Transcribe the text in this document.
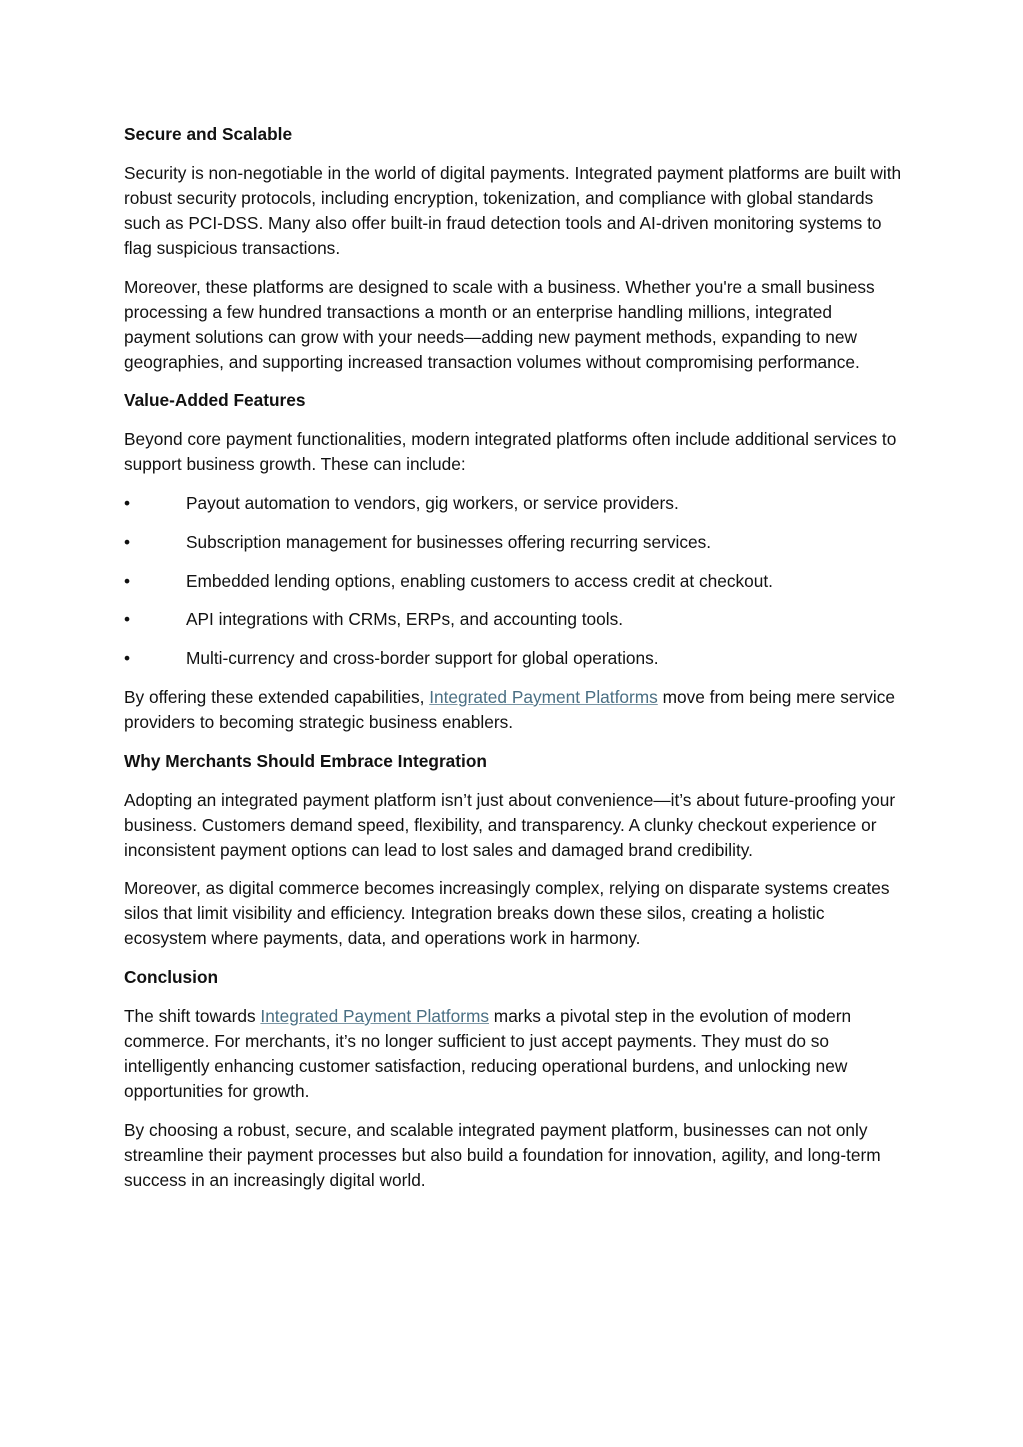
Secure and Scalable
Security is non-negotiable in the world of digital payments. Integrated payment platforms are built with robust security protocols, including encryption, tokenization, and compliance with global standards such as PCI-DSS. Many also offer built-in fraud detection tools and AI-driven monitoring systems to flag suspicious transactions.
Moreover, these platforms are designed to scale with a business. Whether you're a small business processing a few hundred transactions a month or an enterprise handling millions, integrated payment solutions can grow with your needs—adding new payment methods, expanding to new geographies, and supporting increased transaction volumes without compromising performance.
Value-Added Features
Beyond core payment functionalities, modern integrated platforms often include additional services to support business growth. These can include:
•	Payout automation to vendors, gig workers, or service providers.
•	Subscription management for businesses offering recurring services.
•	Embedded lending options, enabling customers to access credit at checkout.
•	API integrations with CRMs, ERPs, and accounting tools.
•	Multi-currency and cross-border support for global operations.
By offering these extended capabilities, Integrated Payment Platforms move from being mere service providers to becoming strategic business enablers.
Why Merchants Should Embrace Integration
Adopting an integrated payment platform isn’t just about convenience—it’s about future-proofing your business. Customers demand speed, flexibility, and transparency. A clunky checkout experience or inconsistent payment options can lead to lost sales and damaged brand credibility.
Moreover, as digital commerce becomes increasingly complex, relying on disparate systems creates silos that limit visibility and efficiency. Integration breaks down these silos, creating a holistic ecosystem where payments, data, and operations work in harmony.
Conclusion
The shift towards Integrated Payment Platforms marks a pivotal step in the evolution of modern commerce. For merchants, it’s no longer sufficient to just accept payments. They must do so intelligently enhancing customer satisfaction, reducing operational burdens, and unlocking new opportunities for growth.
By choosing a robust, secure, and scalable integrated payment platform, businesses can not only streamline their payment processes but also build a foundation for innovation, agility, and long-term success in an increasingly digital world.
